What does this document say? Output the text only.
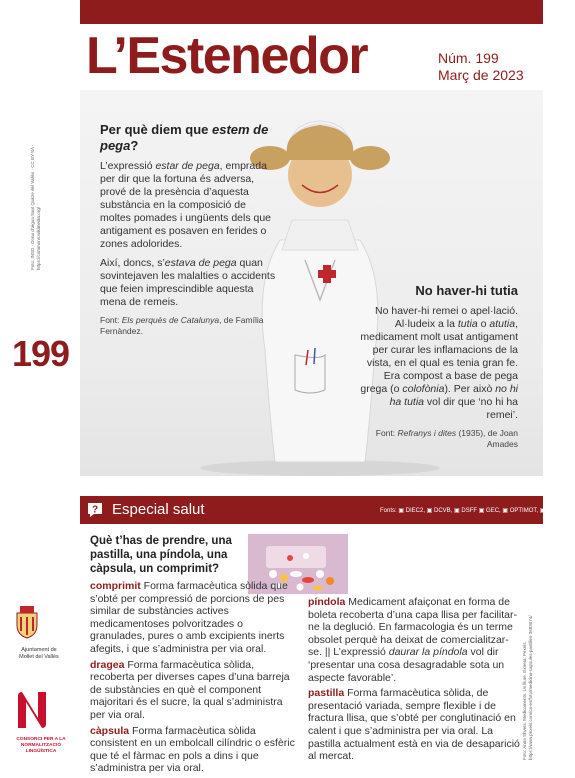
L’Estenedor	Núm. 199
Març de 2023
Foto: INSD · Dona d’aigua Sant Quirze del Vallès · CC BY-SA · https://commons.wikimedia.org/
199
Per què diem que estem de pega?

L’expressió estar de pega, emprada per dir que la fortuna és adversa, prové de la presència d’aquesta substància en la composició de moltes pomades i ungüents dels que antigament es posaven en ferides o zones adolorides.

Així, doncs, s’estava de pega quan sovintejaven les malalties o accidents que feien imprescindible aquesta mena de remeis.

Font: Els perquès de Catalunya, de Família Fernàndez.

No haver-hi tutia

No haver-hi remei o apel·lació. Al·ludeix a la tutia o atutia, medicament molt usat antigament per curar les inflamacions de la vista, en el qual es tenia gran fe. Era compost a base de pega grega (o colofònia). Per això no hi ha tutia vol dir que ‘no hi ha remei’.

Font: Refranys i dites (1935), de Joan Amades

? Especial salut	Fonts: ▣ DIEC2, ▣ DCVB, ▣ DSFF ▣ GEC, ▣ OPTIMOT, ▣ TERMCAT
Ajuntament de Mollet del Vallès
CONSORCI PER A LA NORMALITZACIÓ LINGÜÍSTICA
Què t’has de prendre, una pastilla, una píndola, una càpsula, un comprimit?

comprimit Forma farmacèutica sòlida que s’obté per compressió de porcions de pes similar de substàncies actives medicamentoses polvoritzades o granulades, pures o amb excipients inerts afegits, i que s’administra per via oral.

dragea Forma farmacèutica sòlida, recoberta per diverses capes d’una barreja de substàncies en què el component majoritari és el sucre, la qual s’administra per via oral.

càpsula Forma farmacèutica sòlida consistent en un embolcall cilíndric o esfèric que té el fàrmac en pols a dins i que s’administra per via oral.

píndola Medicament afaiçonat en forma de boleta recoberta d’una capa llisa per facilitar-ne la deglució. En farmacologia és un terme obsolet perquè ha deixat de comercialitzar-se. || L’expressió daurar la píndola vol dir ‘presentar una cosa desagradable sota un aspecte favorable’.

pastilla Forma farmacèutica sòlida, de presentació variada, sempre flexible i de fractura llisa, que s’obté per conglutinació en calent i que s’administra per via oral. La pastilla actualment està en via de desaparició al mercat.	Foto: Anna Shvets. Medicaments. Ús lliure. Extreta: Pexels. https://www.pexels.com/ca-es/foto/medicina-capsules-pastilles-3683074/
